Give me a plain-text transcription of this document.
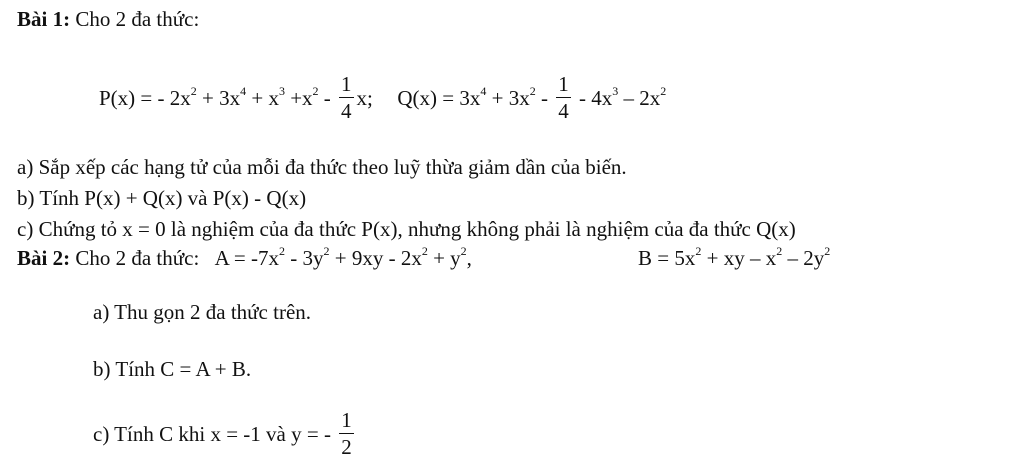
Bài 1: Cho 2 đa thức:
P(x) = - $2x^2 + 3x^4 + x^3 +x^2 - \frac{1}{4} x$; $Q(x) = 3x^4 + 3x^2 - \frac{1}{4} - 4x^3 - 2x^2$
a) Sắp xếp các hạng tử của mỗi đa thức theo luỹ thừa giảm dần của biến.
b) Tính P(x) + Q(x) và P(x) - Q(x)
c) Chứng tỏ x = 0 là nghiệm của đa thức P(x), nhưng không phải là nghiệm của đa thức Q(x)
Bài 2: Cho 2 đa thức: $A = -7x^2 - 3y^2 + 9xy - 2x^2 + y^2$,	$B = 5x^2$ + xy – $x^2 - 2y^2$
a) Thu gọn 2 đa thức trên.
b) Tính C = A + B.
c) Tính C khi x = -1 và y = - $\frac{1}{2}$
